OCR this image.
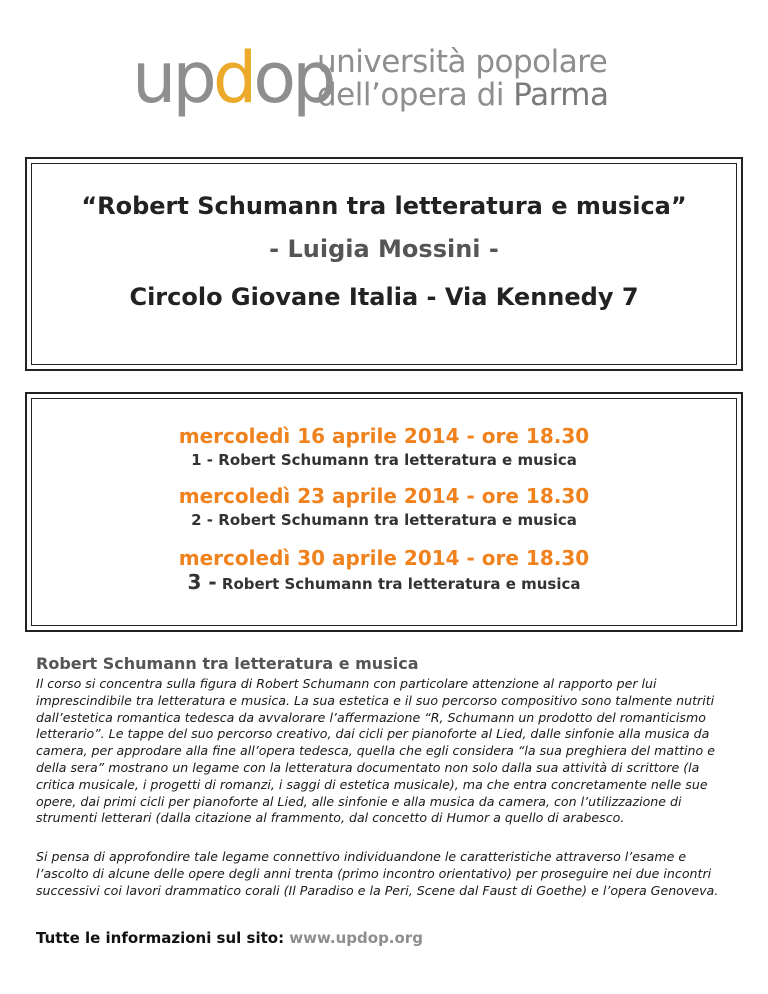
updop
università popolare
dell’opera di Parma
“Robert Schumann tra letteratura e musica”
- Luigia Mossini -
Circolo Giovane Italia - Via Kennedy 7
mercoledì 16 aprile 2014 - ore 18.30
1 - Robert Schumann tra letteratura e musica
mercoledì 23 aprile 2014 - ore 18.30
2 - Robert Schumann tra letteratura e musica
mercoledì 30 aprile 2014 - ore 18.30
3 - Robert Schumann tra letteratura e musica
Robert Schumann tra letteratura e musica

Il corso si concentra sulla figura di Robert Schumann con particolare attenzione al rapporto per lui imprescindibile tra letteratura e musica. La sua estetica e il suo percorso compositivo sono talmente nutriti dall’estetica romantica tedesca da avvalorare l’affermazione “R, Schumann un prodotto del romanticismo letterario”. Le tappe del suo percorso creativo, dai cicli per pianoforte al Lied, dalle sinfonie alla musica da camera, per approdare alla fine all’opera tedesca, quella che egli considera “la sua preghiera del mattino e della sera” mostrano un legame con la letteratura documentato non solo dalla sua attività di scrittore (la critica musicale, i progetti di romanzi, i saggi di estetica musicale), ma che entra concretamente nelle sue opere, dai primi cicli per pianoforte al Lied, alle sinfonie e alla musica da camera, con l’utilizzazione di strumenti letterari (dalla citazione al frammento, dal concetto di Humor a quello di arabesco.

Si pensa di approfondire tale legame connettivo individuandone le caratteristiche attraverso l’esame e l’ascolto di alcune delle opere degli anni trenta (primo incontro orientativo) per proseguire nei due incontri successivi coi lavori drammatico corali (Il Paradiso e la Peri, Scene dal Faust di Goethe) e l’opera Genoveva.

Tutte le informazioni sul sito: www.updop.org
